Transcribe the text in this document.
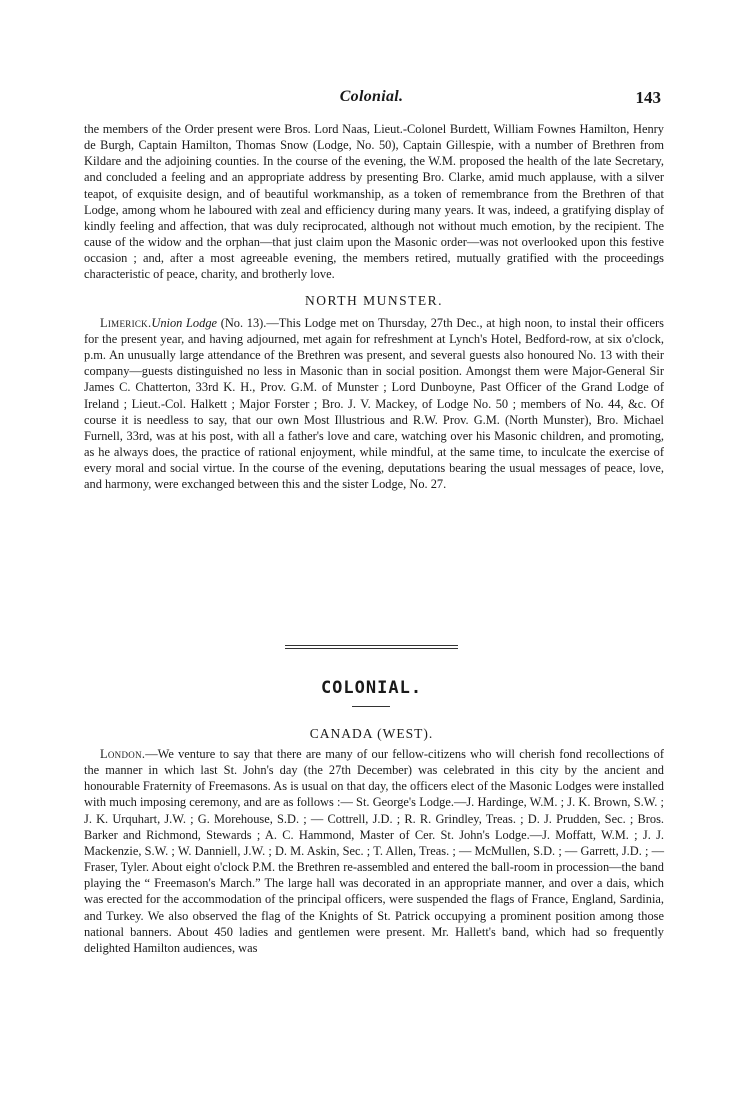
Colonial.	143

the members of the Order present were Bros. Lord Naas, Lieut.-Colonel Burdett, William Fownes Hamilton, Henry de Burgh, Captain Hamilton, Thomas Snow (Lodge, No. 50), Captain Gillespie, with a number of Brethren from Kildare and the adjoining counties. In the course of the evening, the W.M. proposed the health of the late Secretary, and concluded a feeling and an appropriate address by presenting Bro. Clarke, amid much applause, with a silver teapot, of exquisite design, and of beautiful workmanship, as a token of remembrance from the Brethren of that Lodge, among whom he laboured with zeal and efficiency during many years. It was, indeed, a gratifying display of kindly feeling and affection, that was duly reciprocated, although not without much emotion, by the recipient. The cause of the widow and the orphan—that just claim upon the Masonic order—was not overlooked upon this festive occasion ; and, after a most agreeable evening, the members retired, mutually gratified with the proceedings characteristic of peace, charity, and brotherly love.

NORTH MUNSTER.

Limerick.Union Lodge (No. 13).—This Lodge met on Thursday, 27th Dec., at high noon, to instal their officers for the present year, and having adjourned, met again for refreshment at Lynch's Hotel, Bedford-row, at six o'clock, p.m. An unusually large attendance of the Brethren was present, and several guests also honoured No. 13 with their company—guests distinguished no less in Masonic than in social position. Amongst them were Major-General Sir James C. Chatterton, 33rd K. H., Prov. G.M. of Munster ; Lord Dunboyne, Past Officer of the Grand Lodge of Ireland ; Lieut.-Col. Halkett ; Major Forster ; Bro. J. V. Mackey, of Lodge No. 50 ; members of No. 44, &c. Of course it is needless to say, that our own Most Illustrious and R.W. Prov. G.M. (North Munster), Bro. Michael Furnell, 33rd, was at his post, with all a father's love and care, watching over his Masonic children, and promoting, as he always does, the practice of rational enjoyment, while mindful, at the same time, to inculcate the exercise of every moral and social virtue. In the course of the evening, deputations bearing the usual messages of peace, love, and harmony, were exchanged between this and the sister Lodge, No. 27.

COLONIAL.
CANADA (WEST).

London.—We venture to say that there are many of our fellow-citizens who will cherish fond recollections of the manner in which last St. John's day (the 27th December) was celebrated in this city by the ancient and honourable Fraternity of Freemasons. As is usual on that day, the officers elect of the Masonic Lodges were installed with much imposing ceremony, and are as follows :— St. George's Lodge.—J. Hardinge, W.M. ; J. K. Brown, S.W. ; J. K. Urquhart, J.W. ; G. Morehouse, S.D. ; — Cottrell, J.D. ; R. R. Grindley, Treas. ; D. J. Prudden, Sec. ; Bros. Barker and Richmond, Stewards ; A. C. Hammond, Master of Cer. St. John's Lodge.—J. Moffatt, W.M. ; J. J. Mackenzie, S.W. ; W. Danniell, J.W. ; D. M. Askin, Sec. ; T. Allen, Treas. ; — McMullen, S.D. ; — Garrett, J.D. ; — Fraser, Tyler. About eight o'clock P.M. the Brethren re-assembled and entered the ball-room in procession—the band playing the “ Freemason's March.” The large hall was decorated in an appropriate manner, and over a dais, which was erected for the accommodation of the principal officers, were suspended the flags of France, England, Sardinia, and Turkey. We also observed the flag of the Knights of St. Patrick occupying a prominent position among those national banners. About 450 ladies and gentlemen were present. Mr. Hallett's band, which had so frequently delighted Hamilton audiences, was
